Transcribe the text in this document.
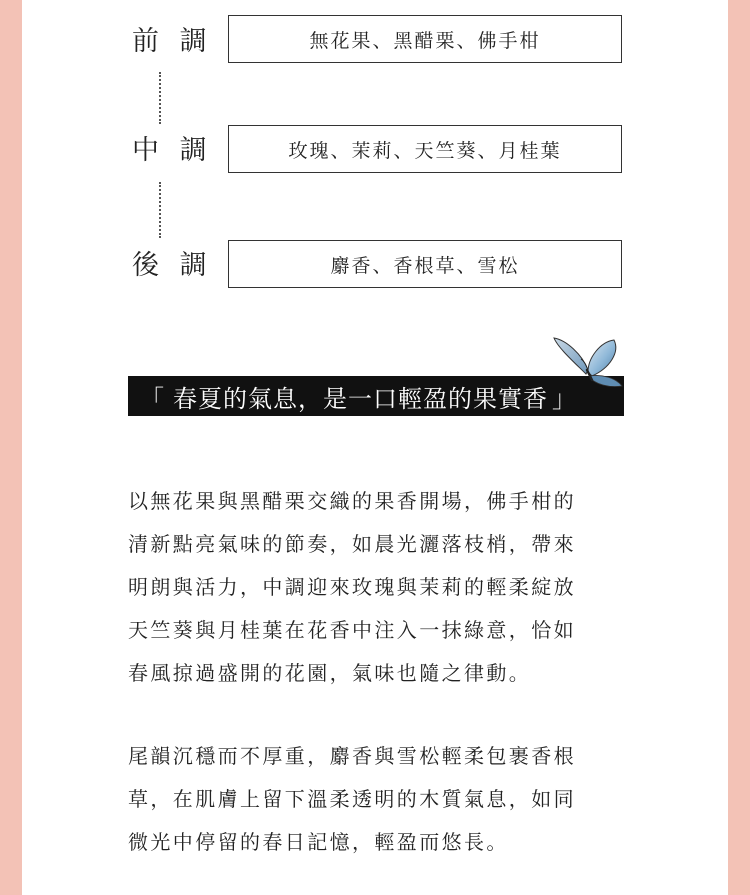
前 調	無花果、黑醋栗、佛手柑
中 調	玫瑰、茉莉、天竺葵、月桂葉
後 調	麝香、香根草、雪松
「 春夏的氣息，是一口輕盈的果實香 」

以無花果與黑醋栗交織的果香開場，佛手柑的
清新點亮氣味的節奏，如晨光灑落枝梢，帶來
明朗與活力，中調迎來玫瑰與茉莉的輕柔綻放
天竺葵與月桂葉在花香中注入一抹綠意，恰如
春風掠過盛開的花園，氣味也隨之律動。

尾韻沉穩而不厚重，麝香與雪松輕柔包裹香根
草，在肌膚上留下溫柔透明的木質氣息，如同
微光中停留的春日記憶，輕盈而悠長。
